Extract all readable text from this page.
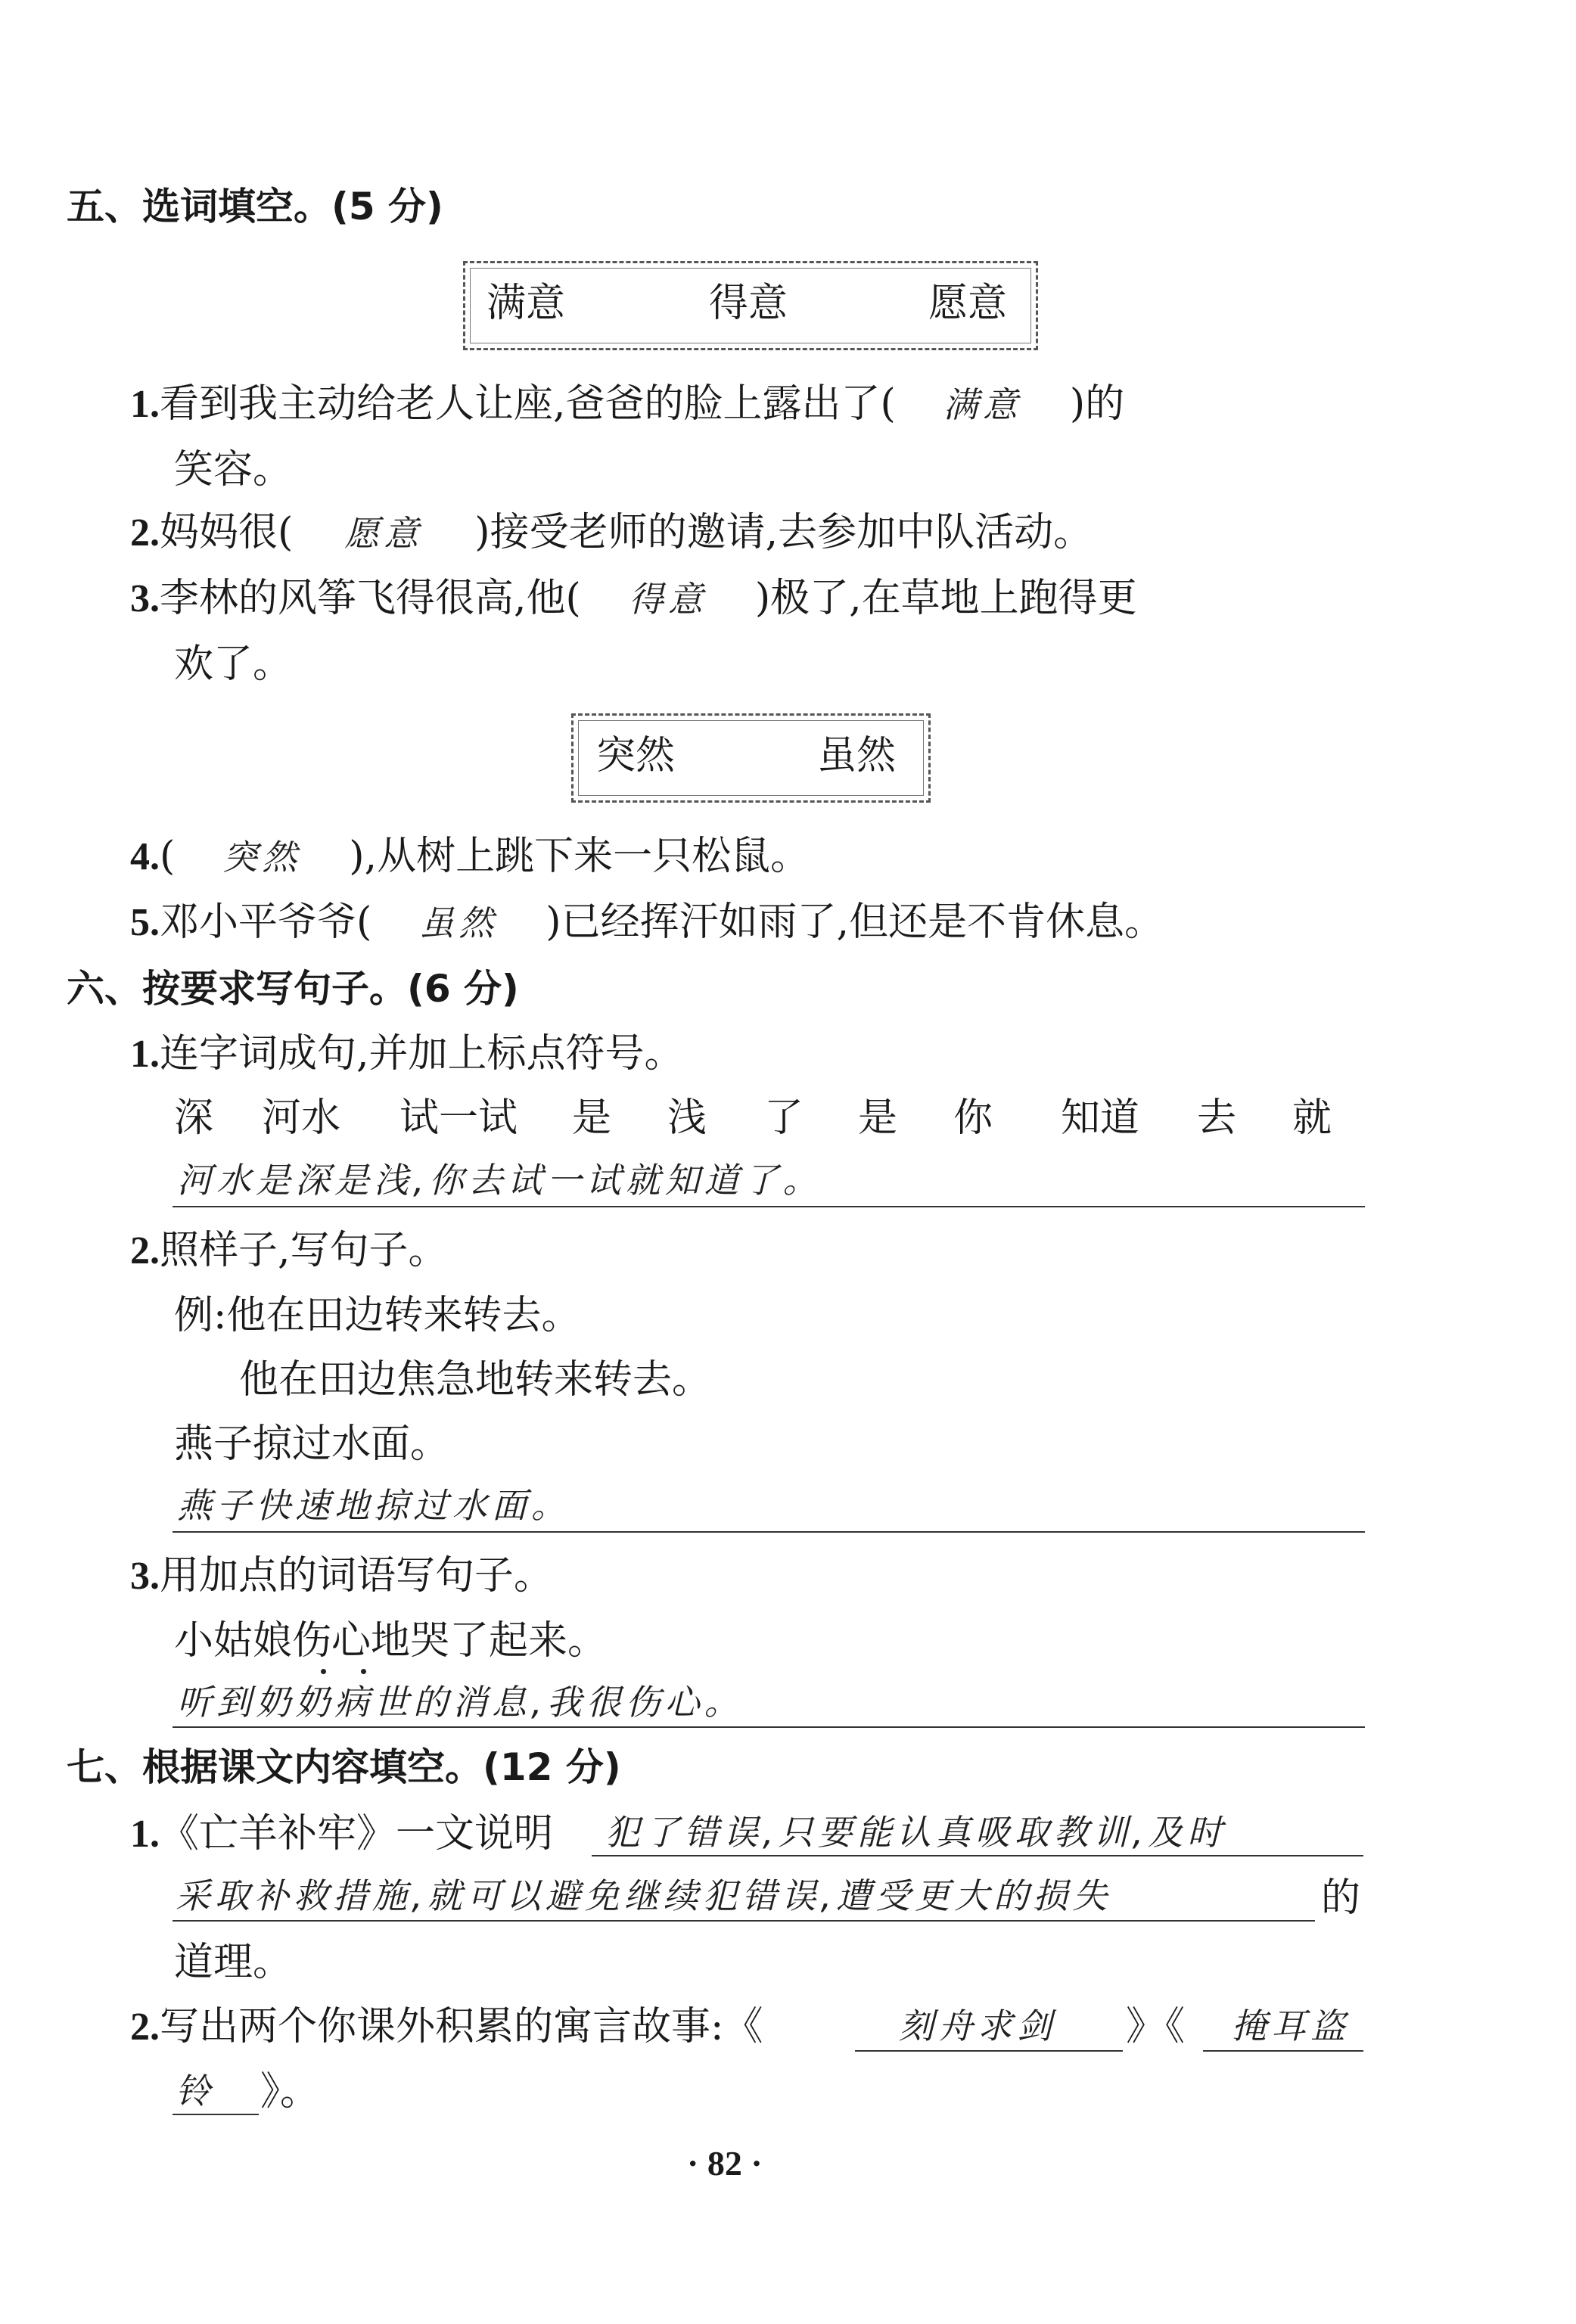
五、选词填空。(5 分)
满意	得意	愿意
1.看到我主动给老人让座,爸爸的脸上露出了( 满意 )的
笑容。
2.妈妈很( 愿意 )接受老师的邀请,去参加中队活动。
3.李林的风筝飞得很高,他( 得意 )极了,在草地上跑得更
欢了。
突然	虽然
4.( 突然 ),从树上跳下来一只松鼠。
5.邓小平爷爷( 虽然 )已经挥汗如雨了,但还是不肯休息。
六、按要求写句子。(6 分)
1.连字词成句,并加上标点符号。
深 河水 试一试 是 浅 了 是 你 知道 去 就
河水是深是浅,你去试一试就知道了。
2.照样子,写句子。
例:他在田边转来转去。
他在田边焦急地转来转去。
燕子掠过水面。
燕子快速地掠过水面。
3.用加点的词语写句子。
小姑娘伤心地哭了起来。
听到奶奶病世的消息,我很伤心。
七、根据课文内容填空。(12 分)
1.《亡羊补牢》一文说明 犯了错误,只要能认真吸取教训,及时
采取补救措施,就可以避免继续犯错误,遭受更大的损失	的
道理。
2.写出两个你课外积累的寓言故事:《	刻舟求剑 》《 掩耳盗
铃 》。
· 82 ·
